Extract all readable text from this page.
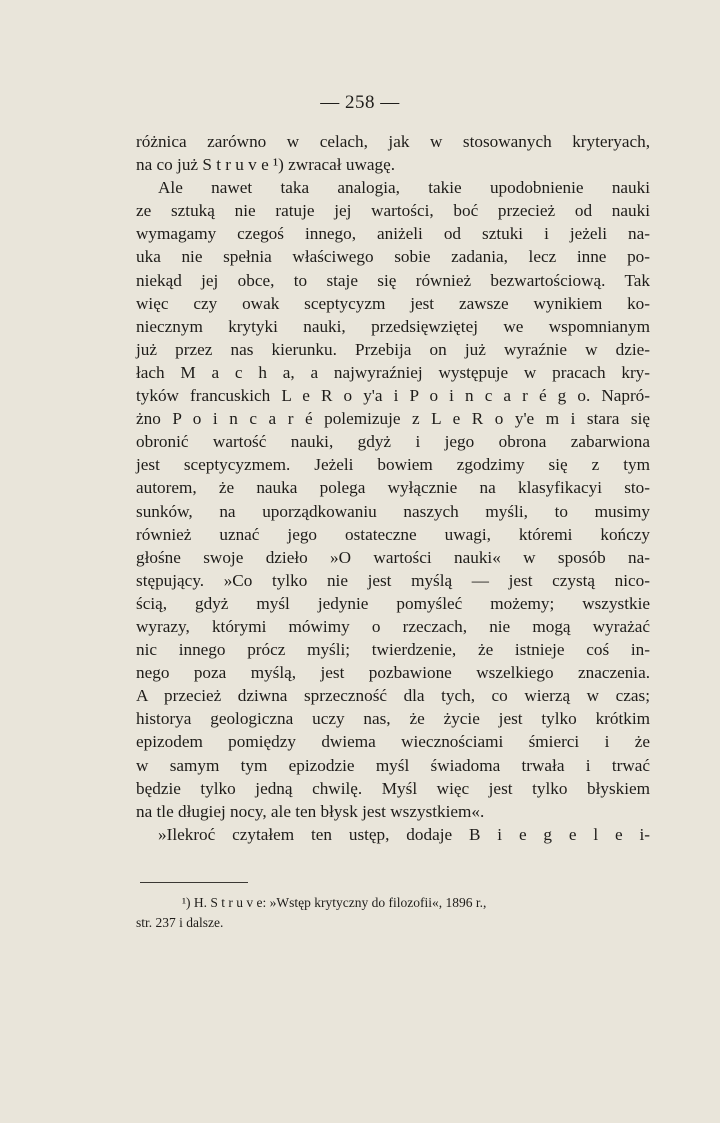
— 258 —
różnica zarówno w celach, jak w stosowanych kryteryach,
na co już S t r u v e ¹) zwracał uwagę.
Ale nawet taka analogia, takie upodobnienie nauki
ze sztuką nie ratuje jej wartości, boć przecież od nauki
wymagamy czegoś innego, aniżeli od sztuki i jeżeli na-
uka nie spełnia właściwego sobie zadania, lecz inne po-
niekąd jej obce, to staje się również bezwartościową. Tak
więc czy owak sceptycyzm jest zawsze wynikiem ko-
niecznym krytyki nauki, przedsięwziętej we wspomnianym
już przez nas kierunku. Przebija on już wyraźnie w dzie-
łach M a c h a, a najwyraźniej występuje w pracach kry-
tyków francuskich L e R o y'a i P o i n c a r é g o. Napró-
żno P o i n c a r é polemizuje z L e R o y'e m i stara się
obronić wartość nauki, gdyż i jego obrona zabarwiona
jest sceptycyzmem. Jeżeli bowiem zgodzimy się z tym
autorem, że nauka polega wyłącznie na klasyfikacyi sto-
sunków, na uporządkowaniu naszych myśli, to musimy
również uznać jego ostateczne uwagi, któremi kończy
głośne swoje dzieło »O wartości nauki« w sposób na-
stępujący. »Co tylko nie jest myślą — jest czystą nico-
ścią, gdyż myśl jedynie pomyśleć możemy; wszystkie
wyrazy, którymi mówimy o rzeczach, nie mogą wyrażać
nic innego prócz myśli; twierdzenie, że istnieje coś in-
nego poza myślą, jest pozbawione wszelkiego znaczenia.
A przecież dziwna sprzeczność dla tych, co wierzą w czas;
historya geologiczna uczy nas, że życie jest tylko krótkim
epizodem pomiędzy dwiema wiecznościami śmierci i że
w samym tym epizodzie myśl świadoma trwała i trwać
będzie tylko jedną chwilę. Myśl więc jest tylko błyskiem
na tle długiej nocy, ale ten błysk jest wszystkiem«.
»Ilekroć czytałem ten ustęp, dodaje B i e g e l e i-
¹) H. S t r u v e: »Wstęp krytyczny do filozofii«, 1896 r.,
str. 237 i dalsze.
